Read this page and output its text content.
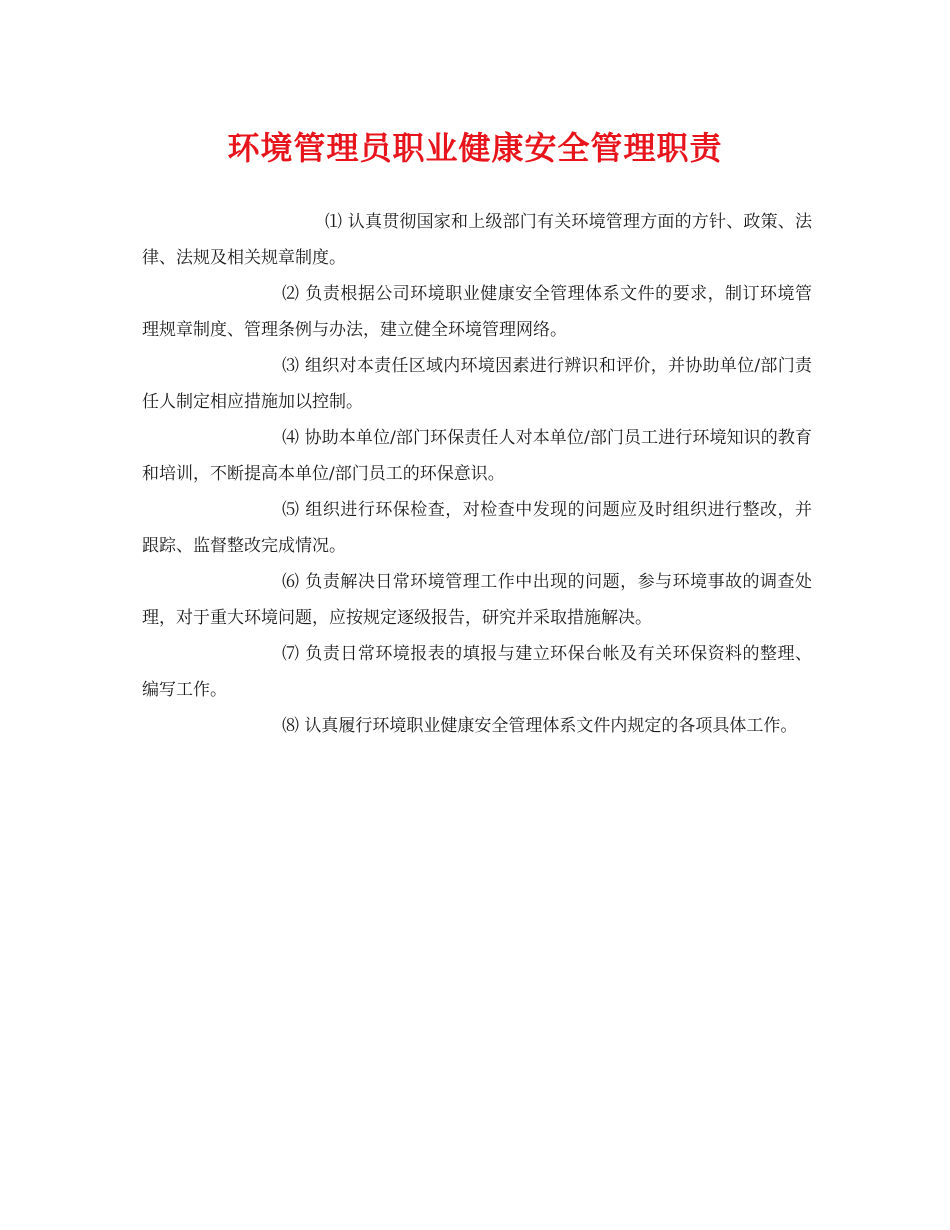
环境管理员职业健康安全管理职责

⑴ 认真贯彻国家和上级部门有关环境管理方面的方针、政策、法律、法规及相关规章制度。

⑵ 负责根据公司环境职业健康安全管理体系文件的要求，制订环境管理规章制度、管理条例与办法，建立健全环境管理网络。

⑶ 组织对本责任区域内环境因素进行辨识和评价，并协助单位/部门责任人制定相应措施加以控制。

⑷ 协助本单位/部门环保责任人对本单位/部门员工进行环境知识的教育和培训，不断提高本单位/部门员工的环保意识。

⑸ 组织进行环保检查，对检查中发现的问题应及时组织进行整改，并跟踪、监督整改完成情况。

⑹ 负责解决日常环境管理工作中出现的问题，参与环境事故的调查处理，对于重大环境问题，应按规定逐级报告，研究并采取措施解决。

⑺ 负责日常环境报表的填报与建立环保台帐及有关环保资料的整理、编写工作。

⑻ 认真履行环境职业健康安全管理体系文件内规定的各项具体工作。
